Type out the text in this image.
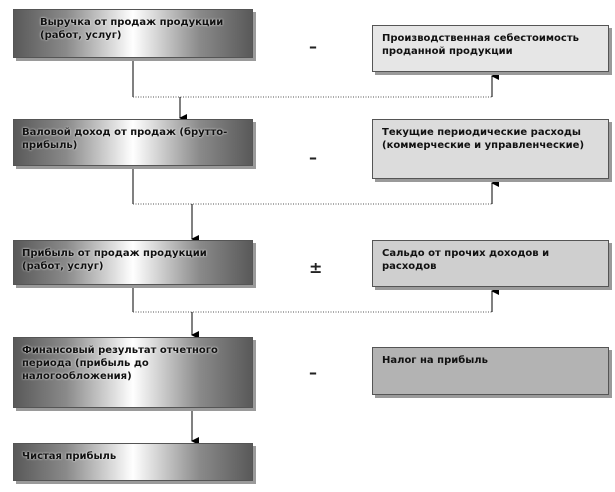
Выручка от продаж продукции (работ, услуг)
Валовой доход от продаж (брутто-прибыль)
Прибыль от продаж продукции (работ, услуг)
Финансовый результат отчетного периода (прибыль до налогообложения)
Чистая прибыль
–
–
±
–
Производственная себестоимость проданной продукции
Текущие периодические расходы (коммерческие и управленческие)
Сальдо от прочих доходов и расходов
Налог на прибыль
